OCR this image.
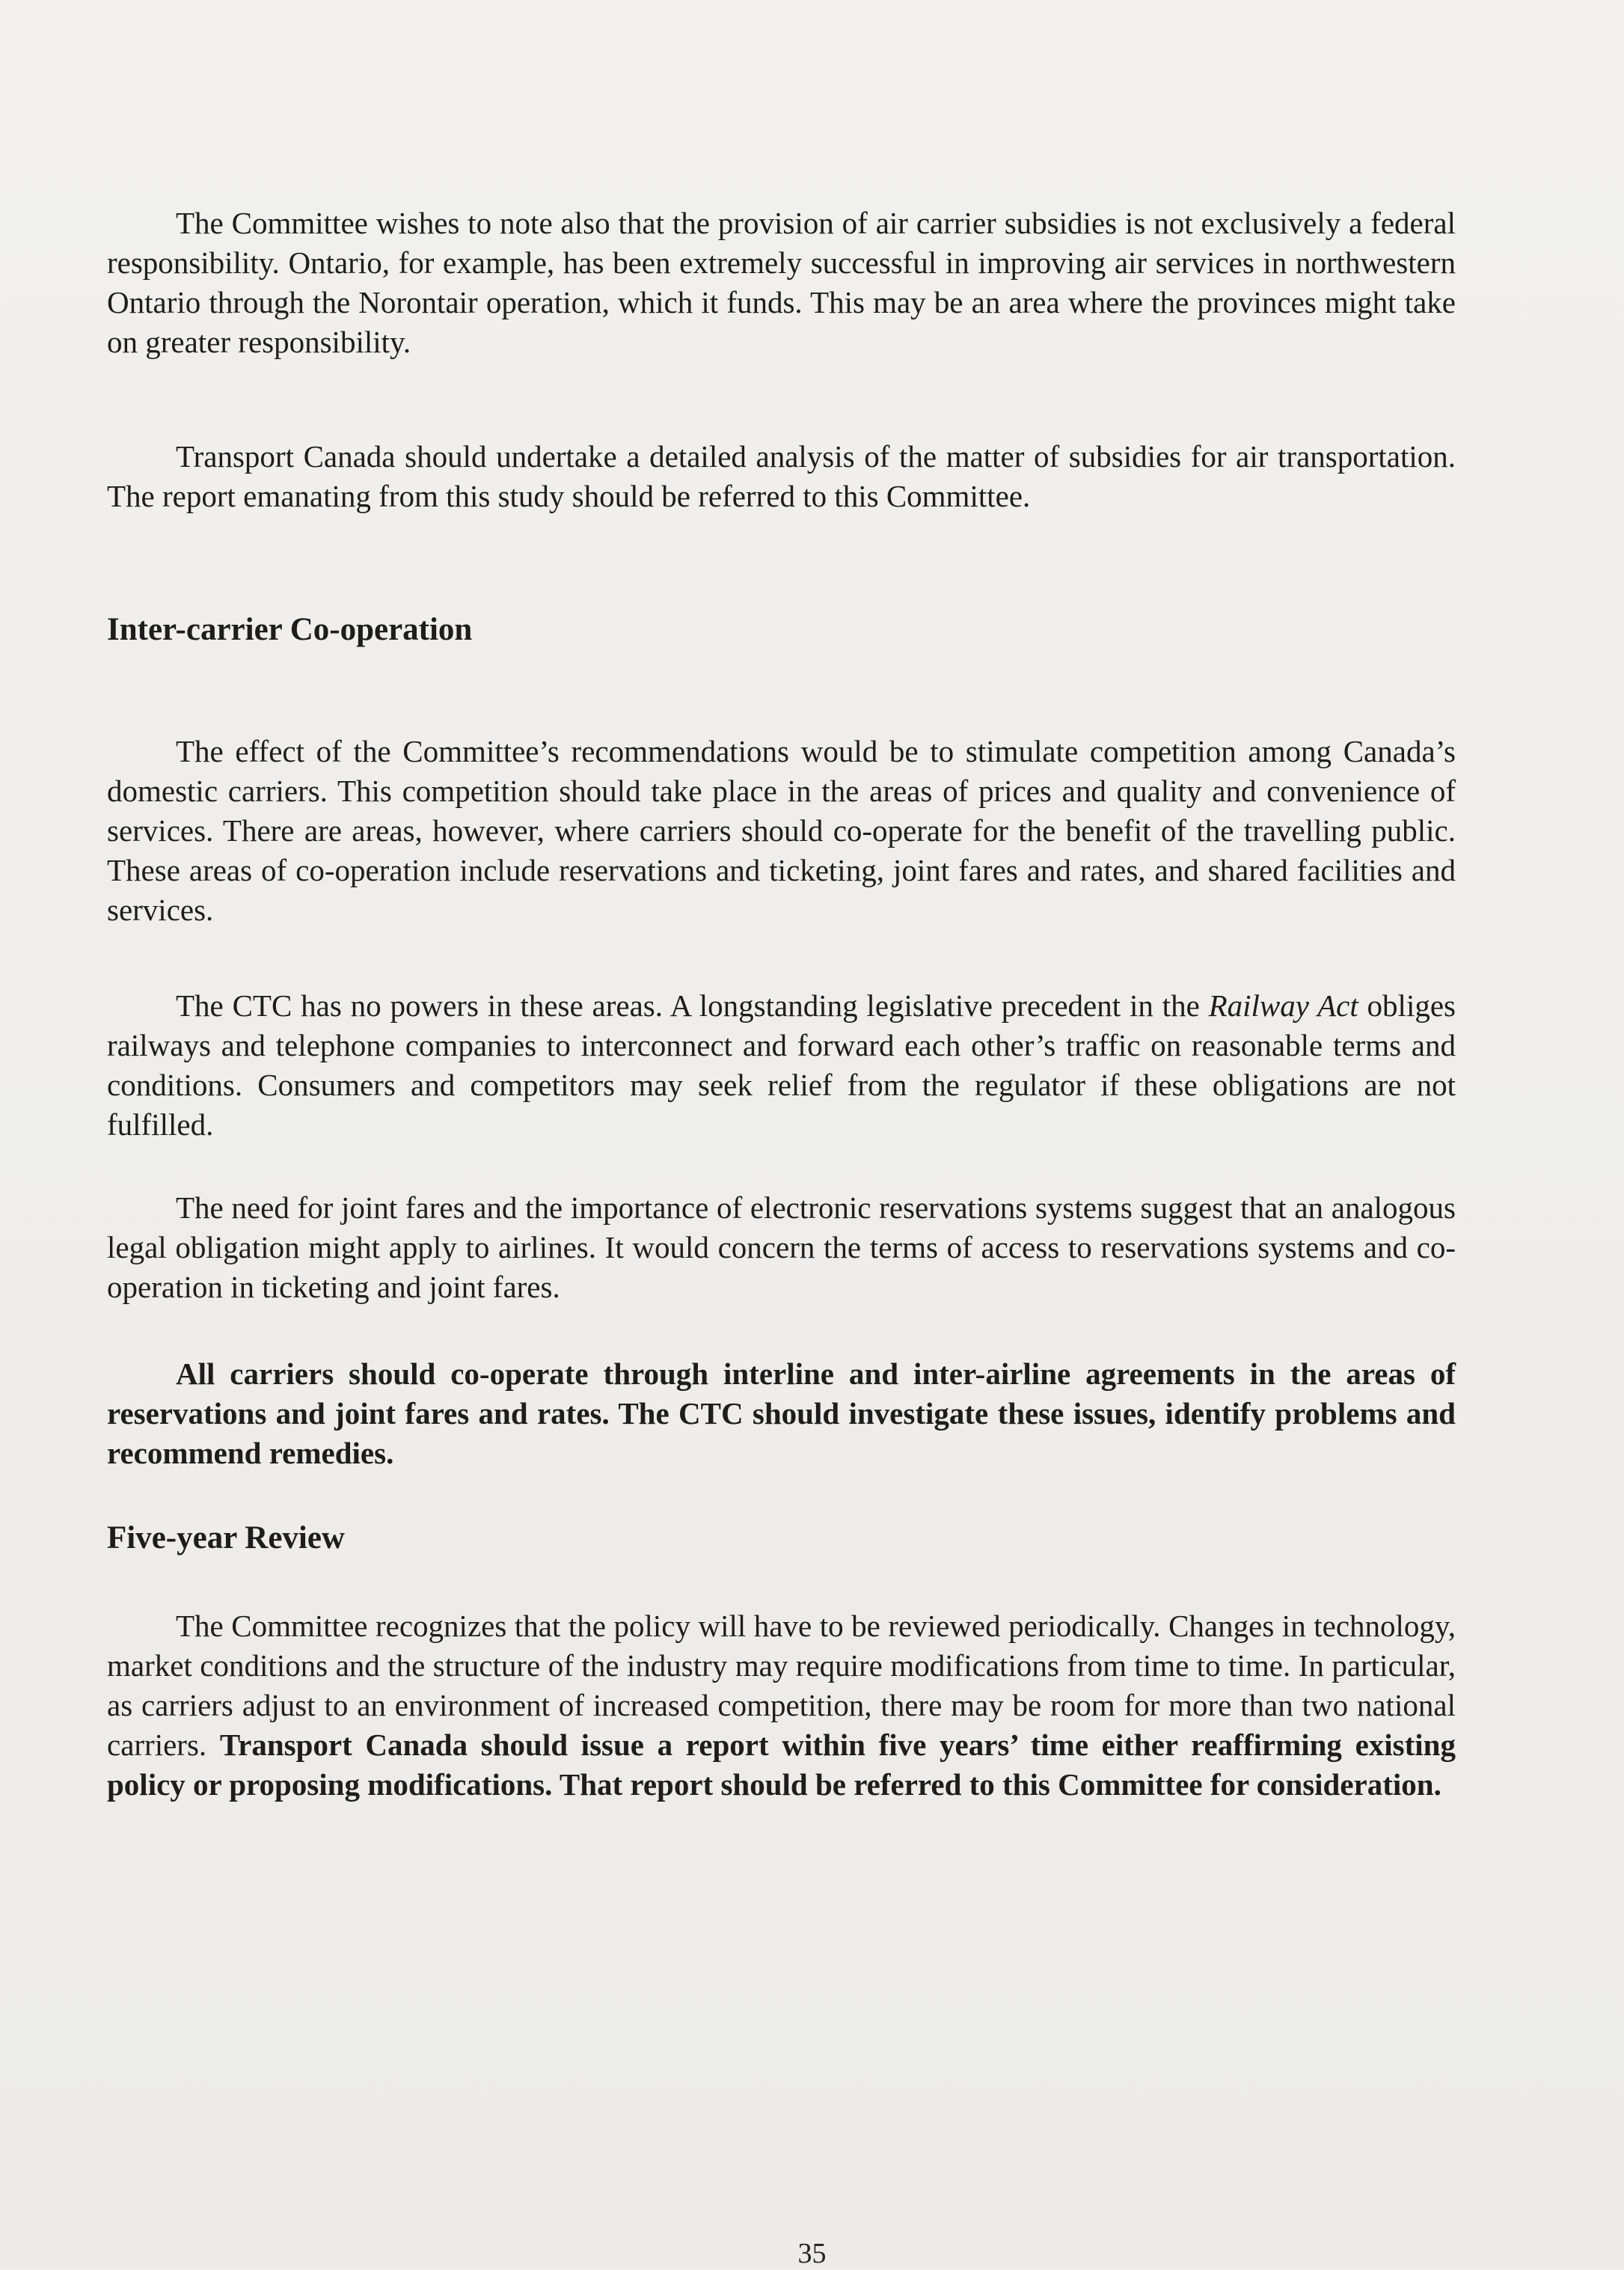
The Committee wishes to note also that the provision of air carrier subsidies is not exclusively a federal responsibility. Ontario, for example, has been extremely successful in improving air services in northwestern Ontario through the Norontair operation, which it funds. This may be an area where the provinces might take on greater responsibility.

Transport Canada should undertake a detailed analysis of the matter of subsidies for air transportation. The report emanating from this study should be referred to this Committee.

Inter-carrier Co-operation

The effect of the Committee’s recommendations would be to stimulate competition among Canada’s domestic carriers. This competition should take place in the areas of prices and quality and convenience of services. There are areas, however, where carriers should co-operate for the benefit of the travelling public. These areas of co-operation include reservations and ticketing, joint fares and rates, and shared facilities and services.

The CTC has no powers in these areas. A longstanding legislative precedent in the Railway Act obliges railways and telephone companies to interconnect and forward each other’s traffic on reasonable terms and conditions. Consumers and competitors may seek relief from the regulator if these obligations are not fulfilled.

The need for joint fares and the importance of electronic reservations systems suggest that an analogous legal obligation might apply to airlines. It would concern the terms of access to reservations systems and co-operation in ticketing and joint fares.

All carriers should co-operate through interline and inter-airline agreements in the areas of reservations and joint fares and rates. The CTC should investigate these issues, identify problems and recommend remedies.

Five-year Review

The Committee recognizes that the policy will have to be reviewed periodically. Changes in technology, market conditions and the structure of the industry may require modifications from time to time. In particular, as carriers adjust to an environment of increased competition, there may be room for more than two national carriers. Transport Canada should issue a report within five years’ time either reaffirming existing policy or proposing modifications. That report should be referred to this Committee for consideration.

35
